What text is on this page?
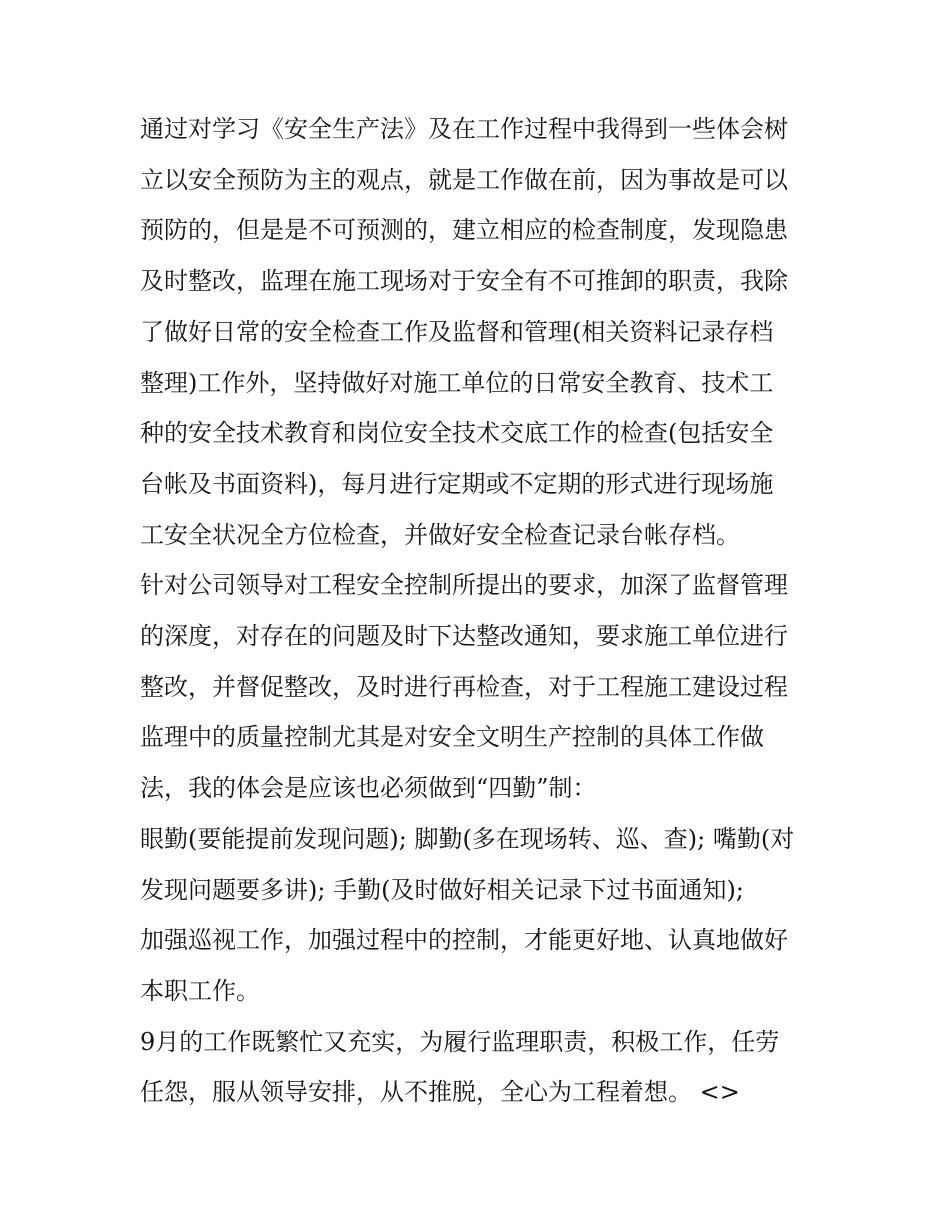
通过对学习《安全生产法》及在工作过程中我得到一些体会树
立以安全预防为主的观点，就是工作做在前，因为事故是可以
预防的，但是是不可预测的，建立相应的检查制度，发现隐患
及时整改，监理在施工现场对于安全有不可推卸的职责，我除
了做好日常的安全检查工作及监督和管理(相关资料记录存档
整理)工作外，坚持做好对施工单位的日常安全教育、技术工
种的安全技术教育和岗位安全技术交底工作的检查(包括安全
台帐及书面资料)，每月进行定期或不定期的形式进行现场施
工安全状况全方位检查，并做好安全检查记录台帐存档。

针对公司领导对工程安全控制所提出的要求，加深了监督管理
的深度，对存在的问题及时下达整改通知，要求施工单位进行
整改，并督促整改，及时进行再检查，对于工程施工建设过程
监理中的质量控制尤其是对安全文明生产控制的具体工作做
法，我的体会是应该也必须做到“四勤”制：

眼勤(要能提前发现问题); 脚勤(多在现场转、巡、查); 嘴勤(对
发现问题要多讲); 手勤(及时做好相关记录下过书面通知);

加强巡视工作，加强过程中的控制，才能更好地、认真地做好
本职工作。

9月的工作既繁忙又充实，为履行监理职责，积极工作，任劳
任怨，服从领导安排，从不推脱，全心为工程着想。 <>
